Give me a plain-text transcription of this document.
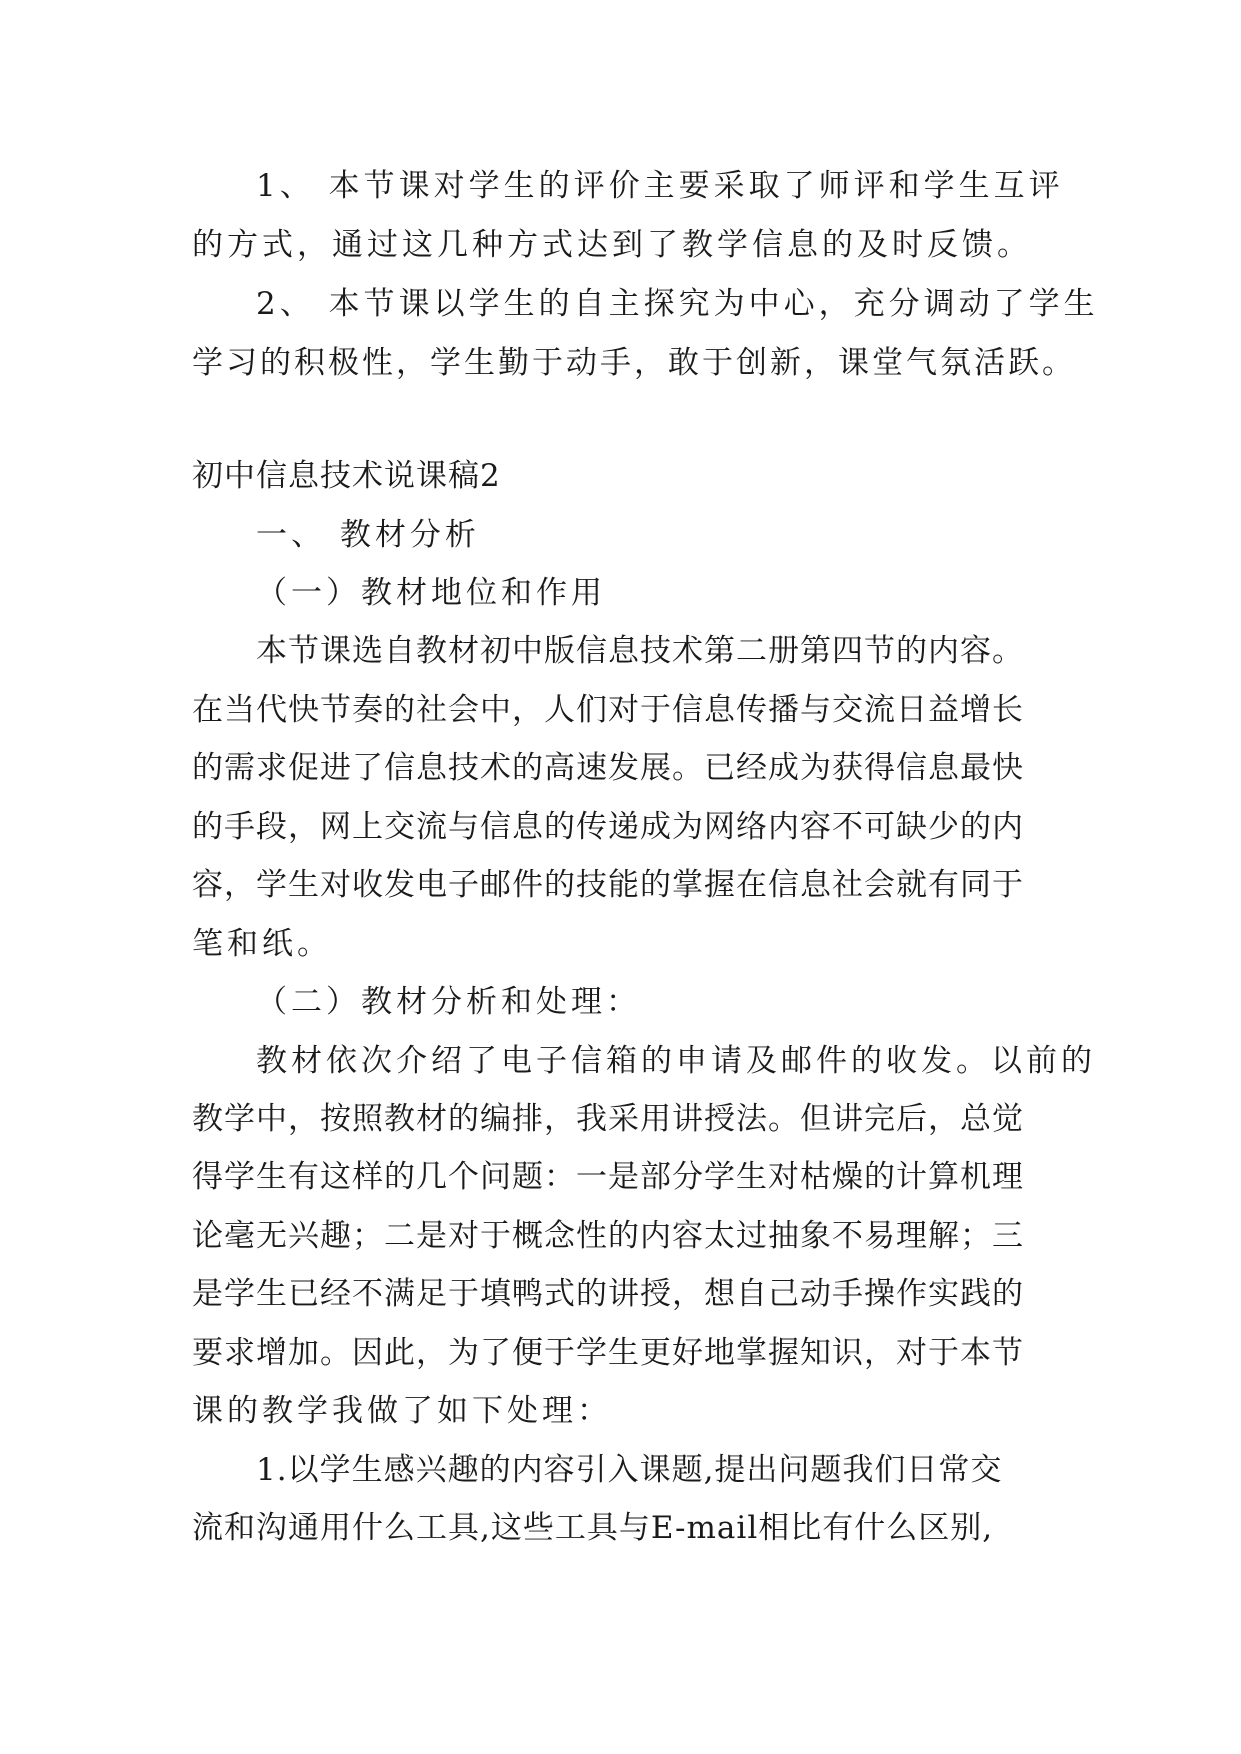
1、 本节课对学生的评价主要采取了师评和学生互评
的方式，通过这几种方式达到了教学信息的及时反馈。
2、 本节课以学生的自主探究为中心，充分调动了学生
学习的积极性，学生勤于动手，敢于创新，课堂气氛活跃。
初中信息技术说课稿2
一、 教材分析
（一）教材地位和作用
本节课选自教材初中版信息技术第二册第四节的内容。
在当代快节奏的社会中，人们对于信息传播与交流日益增长
的需求促进了信息技术的高速发展。已经成为获得信息最快
的手段，网上交流与信息的传递成为网络内容不可缺少的内
容，学生对收发电子邮件的技能的掌握在信息社会就有同于
笔和纸。
（二）教材分析和处理：
教材依次介绍了电子信箱的申请及邮件的收发。以前的
教学中，按照教材的编排，我采用讲授法。但讲完后，总觉
得学生有这样的几个问题：一是部分学生对枯燥的计算机理
论毫无兴趣；二是对于概念性的内容太过抽象不易理解；三
是学生已经不满足于填鸭式的讲授，想自己动手操作实践的
要求增加。因此，为了便于学生更好地掌握知识，对于本节
课的教学我做了如下处理：
1.以学生感兴趣的内容引入课题,提出问题我们日常交
流和沟通用什么工具,这些工具与E-mail相比有什么区别,
